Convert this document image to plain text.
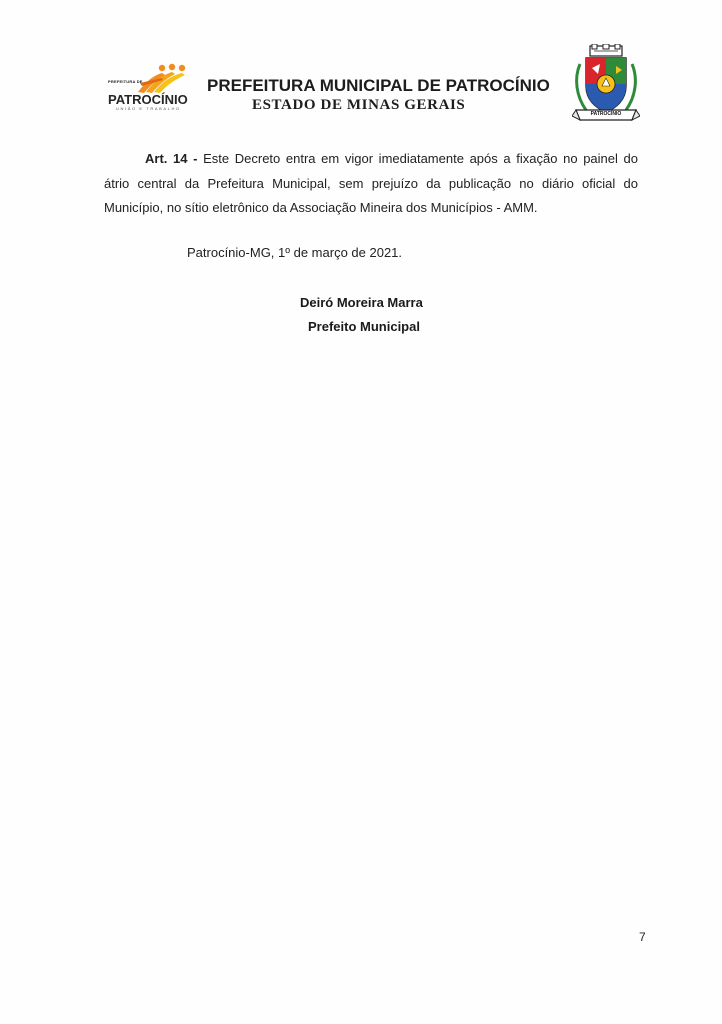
PREFEITURA DE
PATROCÍNIO
UNIÃO E TRABALHO
PREFEITURA MUNICIPAL DE PATROCÍNIO
ESTADO DE MINAS GERAIS
PATROCÍNIO

Art. 14 - Este Decreto entra em vigor imediatamente após a fixação no painel do átrio central da Prefeitura Municipal, sem prejuízo da publicação no diário oficial do Município, no sítio eletrônico da Associação Mineira dos Municípios - AMM.

Patrocínio-MG, 1º de março de 2021.
Deiró Moreira Marra
Prefeito Municipal
7
